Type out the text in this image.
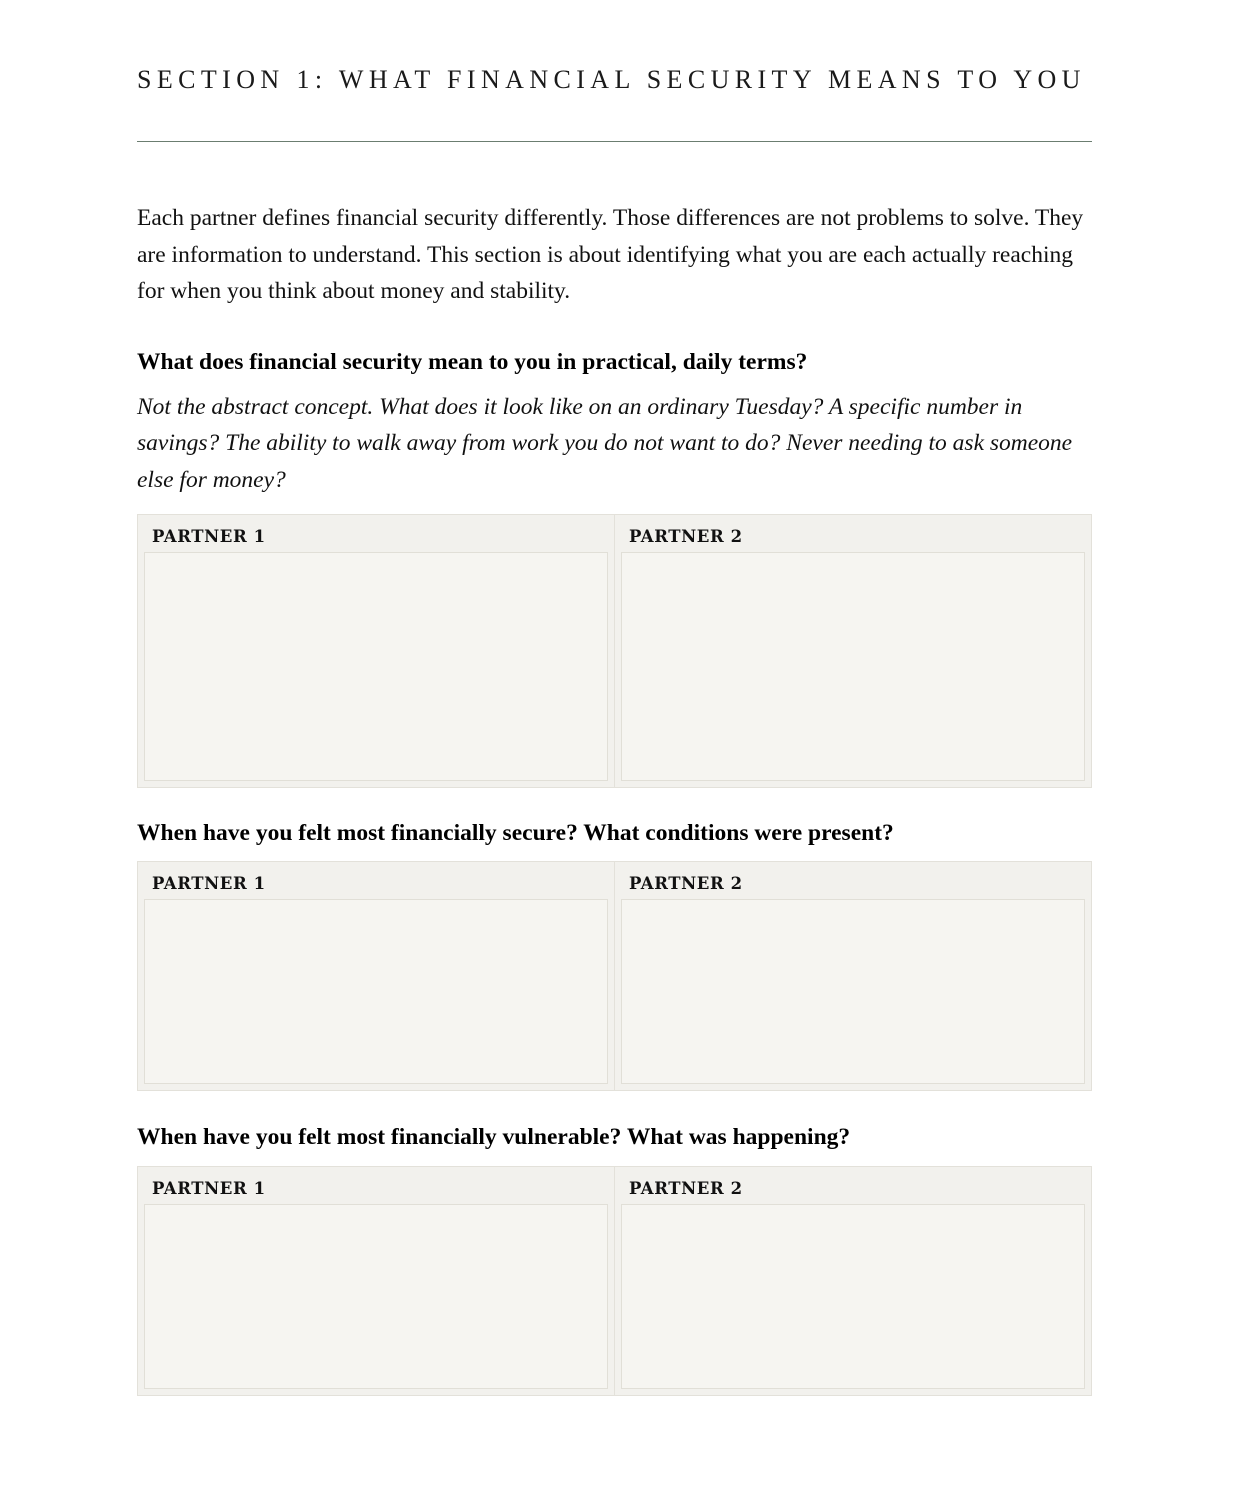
SECTION 1: WHAT FINANCIAL SECURITY MEANS TO YOU

Each partner defines financial security differently. Those differences are not problems to solve. They are information to understand. This section is about identifying what you are each actually reaching for when you think about money and stability.

What does financial security mean to you in practical, daily terms?

Not the abstract concept. What does it look like on an ordinary Tuesday? A specific number in savings? The ability to walk away from work you do not want to do? Never needing to ask someone else for money?

PARTNER 1	PARTNER 2
When have you felt most financially secure? What conditions were present?
PARTNER 1	PARTNER 2
When have you felt most financially vulnerable? What was happening?
PARTNER 1	PARTNER 2
